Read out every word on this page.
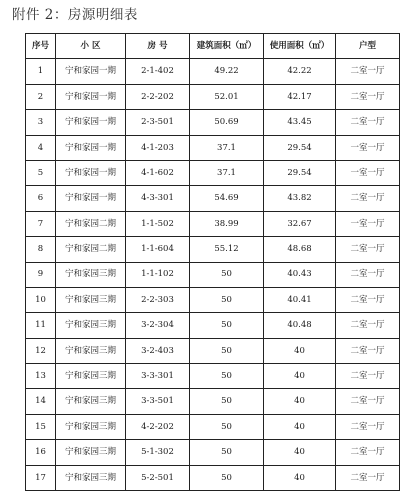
附件 2：房源明细表
序号	小 区	房 号	建筑面积（㎡）	使用面积（㎡）	户型
1	宁和家园一期	2-1-402	49.22	42.22	二室一厅
2	宁和家园一期	2-2-202	52.01	42.17	二室一厅
3	宁和家园一期	2-3-501	50.69	43.45	二室一厅
4	宁和家园一期	4-1-203	37.1	29.54	一室一厅
5	宁和家园一期	4-1-602	37.1	29.54	一室一厅
6	宁和家园一期	4-3-301	54.69	43.82	二室一厅
7	宁和家园二期	1-1-502	38.99	32.67	一室一厅
8	宁和家园二期	1-1-604	55.12	48.68	二室一厅
9	宁和家园三期	1-1-102	50	40.43	二室一厅
10	宁和家园三期	2-2-303	50	40.41	二室一厅
11	宁和家园三期	3-2-304	50	40.48	二室一厅
12	宁和家园三期	3-2-403	50	40	二室一厅
13	宁和家园三期	3-3-301	50	40	二室一厅
14	宁和家园三期	3-3-501	50	40	二室一厅
15	宁和家园三期	4-2-202	50	40	二室一厅
16	宁和家园三期	5-1-302	50	40	二室一厅
17	宁和家园三期	5-2-501	50	40	二室一厅
